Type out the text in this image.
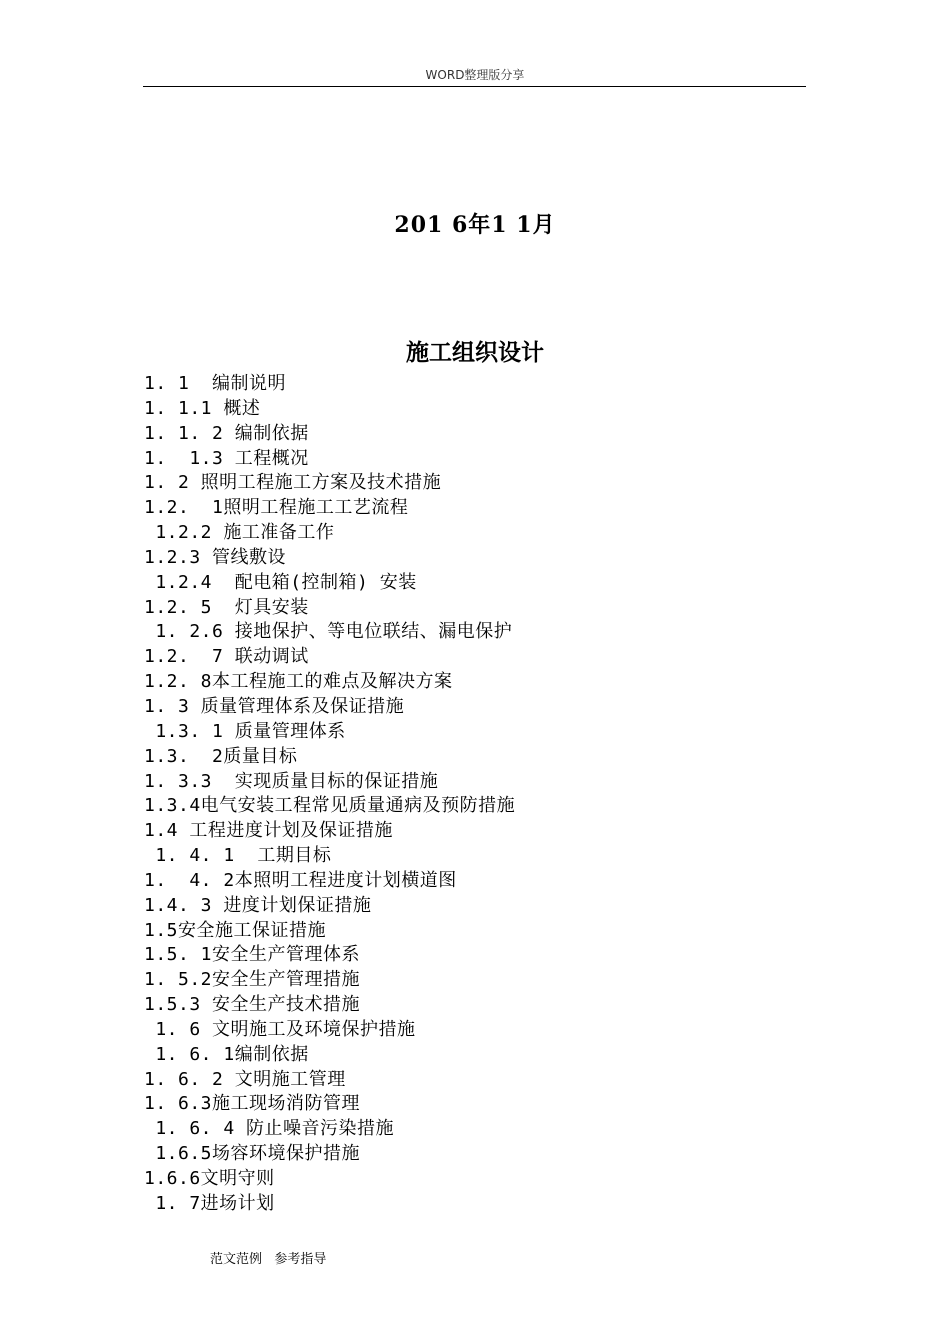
WORD整理版分享
201 6年1 1月
施工组织设计
1. 1  编制说明
1. 1.1 概述
1. 1. 2 编制依据
1.  1.3 工程概况
1. 2 照明工程施工方案及技术措施
1.2.  1照明工程施工工艺流程
1.2.2 施工准备工作
1.2.3 管线敷设
1.2.4  配电箱(控制箱) 安装
1.2. 5  灯具安装
1. 2.6 接地保护、等电位联结、漏电保护
1.2.  7 联动调试
1.2. 8本工程施工的难点及解决方案
1. 3 质量管理体系及保证措施
1.3. 1 质量管理体系
1.3.  2质量目标
1. 3.3  实现质量目标的保证措施
1.3.4电气安装工程常见质量通病及预防措施
1.4 工程进度计划及保证措施
1. 4. 1  工期目标
1.  4. 2本照明工程进度计划横道图
1.4. 3 进度计划保证措施
1.5安全施工保证措施
1.5. 1安全生产管理体系
1. 5.2安全生产管理措施
1.5.3 安全生产技术措施
1. 6 文明施工及环境保护措施
1. 6. 1编制依据
1. 6. 2 文明施工管理
1. 6.3施工现场消防管理
1. 6. 4 防止噪音污染措施
1.6.5场容环境保护措施
1.6.6文明守则
1. 7进场计划
范文范例   参考指导
